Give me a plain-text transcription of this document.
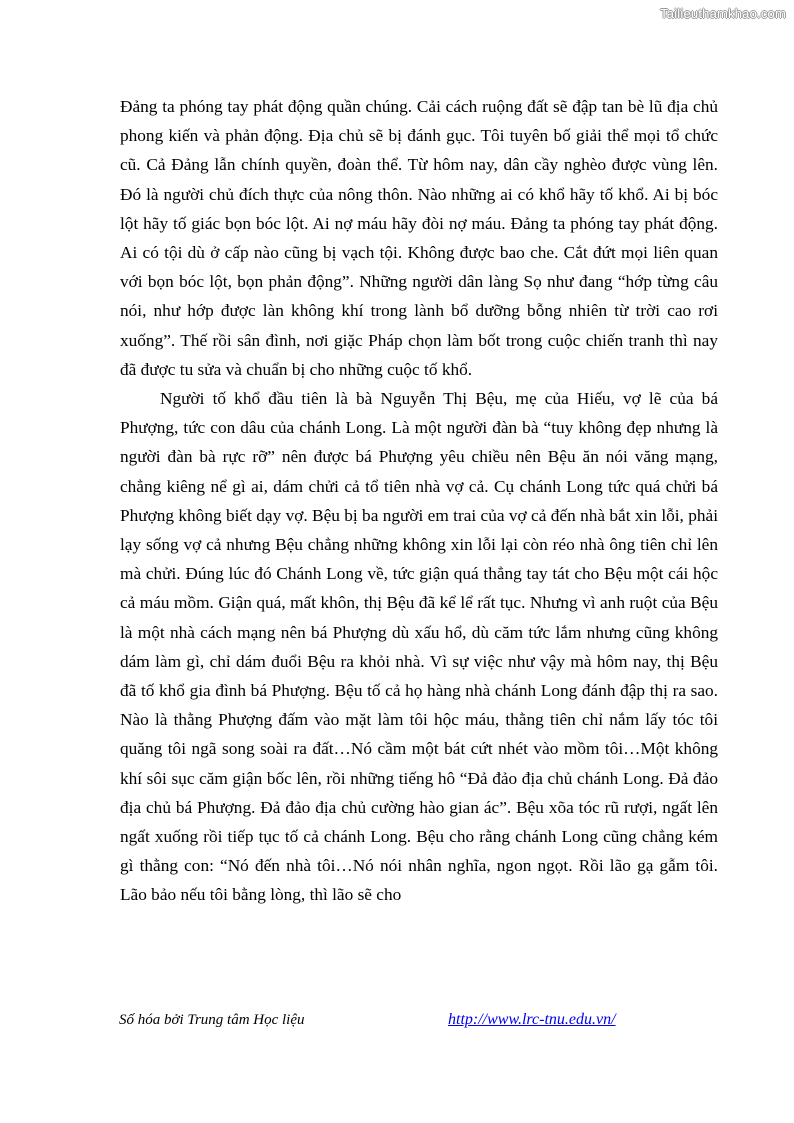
Tailieuthamkhao.com

Đảng ta phóng tay phát động quần chúng. Cải cách ruộng đất sẽ đập tan bè lũ địa chủ phong kiến và phản động. Địa chủ sẽ bị đánh gục. Tôi tuyên bố giải thể mọi tổ chức cũ. Cả Đảng lẫn chính quyền, đoàn thể. Từ hôm nay, dân cầy nghèo được vùng lên. Đó là người chủ đích thực của nông thôn. Nào những ai có khổ hãy tố khổ. Ai bị bóc lột hãy tố giác bọn bóc lột. Ai nợ máu hãy đòi nợ máu. Đảng ta phóng tay phát động. Ai có tội dù ở cấp nào cũng bị vạch tội. Không được bao che. Cắt đứt mọi liên quan với bọn bóc lột, bọn phản động”. Những người dân làng Sọ như đang “hớp từng câu nói, như hớp được làn không khí trong lành bổ dưỡng bỗng nhiên từ trời cao rơi xuống”. Thế rồi sân đình, nơi giặc Pháp chọn làm bốt trong cuộc chiến tranh thì nay đã được tu sửa và chuẩn bị cho những cuộc tố khổ.

Người tố khổ đầu tiên là bà Nguyễn Thị Bệu, mẹ của Hiếu, vợ lẽ của bá Phượng, tức con dâu của chánh Long. Là một người đàn bà “tuy không đẹp nhưng là người đàn bà rực rỡ” nên được bá Phượng yêu chiều nên Bệu ăn nói văng mạng, chẳng kiêng nể gì ai, dám chửi cả tổ tiên nhà vợ cả. Cụ chánh Long tức quá chửi bá Phượng không biết dạy vợ. Bệu bị ba người em trai của vợ cả đến nhà bắt xin lỗi, phải lạy sống vợ cả nhưng Bệu chẳng những không xin lỗi lại còn réo nhà ông tiên chỉ lên mà chửi. Đúng lúc đó Chánh Long về, tức giận quá thẳng tay tát cho Bệu một cái hộc cả máu mồm. Giận quá, mất khôn, thị Bệu đã kể lể rất tục. Nhưng vì anh ruột của Bệu là một nhà cách mạng nên bá Phượng dù xấu hổ, dù căm tức lắm nhưng cũng không dám làm gì, chỉ dám đuổi Bệu ra khỏi nhà. Vì sự việc như vậy mà hôm nay, thị Bệu đã tố khổ gia đình bá Phượng. Bệu tố cả họ hàng nhà chánh Long đánh đập thị ra sao. Nào là thằng Phượng đấm vào mặt làm tôi hộc máu, thằng tiên chỉ nắm lấy tóc tôi quăng tôi ngã song soài ra đất…Nó cầm một bát cứt nhét vào mồm tôi…Một không khí sôi sục căm giận bốc lên, rồi những tiếng hô “Đả đảo địa chủ chánh Long. Đả đảo địa chủ bá Phượng. Đả đảo địa chủ cường hào gian ác”. Bệu xõa tóc rũ rượi, ngất lên ngất xuống rồi tiếp tục tố cả chánh Long. Bệu cho rằng chánh Long cũng chẳng kém gì thằng con: “Nó đến nhà tôi…Nó nói nhân nghĩa, ngon ngọt. Rồi lão gạ gẫm tôi. Lão bảo nếu tôi bằng lòng, thì lão sẽ cho

Số hóa bởi Trung tâm Học liệu	http://www.lrc-tnu.edu.vn/
